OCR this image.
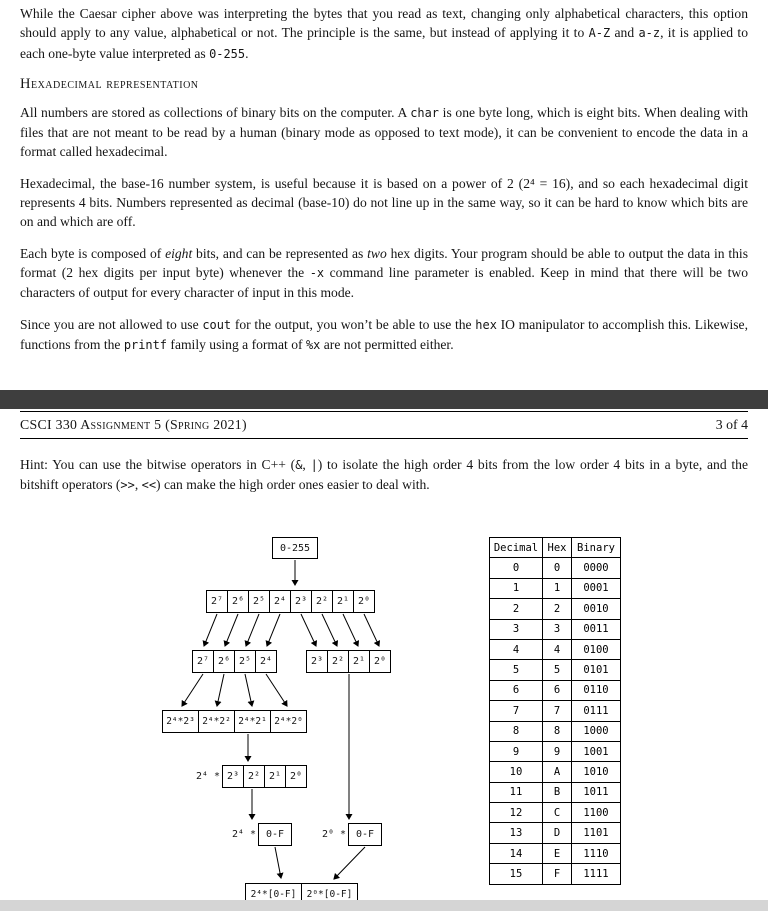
While the Caesar cipher above was interpreting the bytes that you read as text, changing only alphabetical characters, this option should apply to any value, alphabetical or not. The principle is the same, but instead of applying it to A-Z and a-z, it is applied to each one-byte value interpreted as 0-255.

Hexadecimal representation

All numbers are stored as collections of binary bits on the computer. A char is one byte long, which is eight bits. When dealing with files that are not meant to be read by a human (binary mode as opposed to text mode), it can be convenient to encode the data in a format called hexadecimal.

Hexadecimal, the base-16 number system, is useful because it is based on a power of 2 (2⁴ = 16), and so each hexadecimal digit represents 4 bits. Numbers represented as decimal (base-10) do not line up in the same way, so it can be hard to know which bits are on and which are off.

Each byte is composed of eight bits, and can be represented as two hex digits. Your program should be able to output the data in this format (2 hex digits per input byte) whenever the -x command line parameter is enabled. Keep in mind that there will be two characters of output for every character of input in this mode.

Since you are not allowed to use cout for the output, you won’t be able to use the hex IO manipulator to accomplish this. Likewise, functions from the printf family using a format of %x are not permitted either.

CSCI 330 Assignment 5 (Spring 2021)	3 of 4

Hint: You can use the bitwise operators in C++ (&, |) to isolate the high order 4 bits from the low order 4 bits in a byte, and the bitshift operators (>>, <<) can make the high order ones easier to deal with.

0-255
2⁷ 2⁶ 2⁵ 2⁴ 2³ 2² 2¹ 2⁰
2⁷ 2⁶ 2⁵ 2⁴	2³ 2² 2¹ 2⁰
2⁴*2³ 2⁴*2² 2⁴*2¹ 2⁴*2⁰
2⁴ * 2³ 2² 2¹ 2⁰
2⁴ * 0-F	2⁰ * 0-F
2⁴*[0-F]	2⁰*[0-F]
Decimal	Hex	Binary
0	0	0000
1	1	0001
2	2	0010
3	3	0011
4	4	0100
5	5	0101
6	6	0110
7	7	0111
8	8	1000
9	9	1001
10	A	1010
11	B	1011
12	C	1100
13	D	1101
14	E	1110
15	F	1111
